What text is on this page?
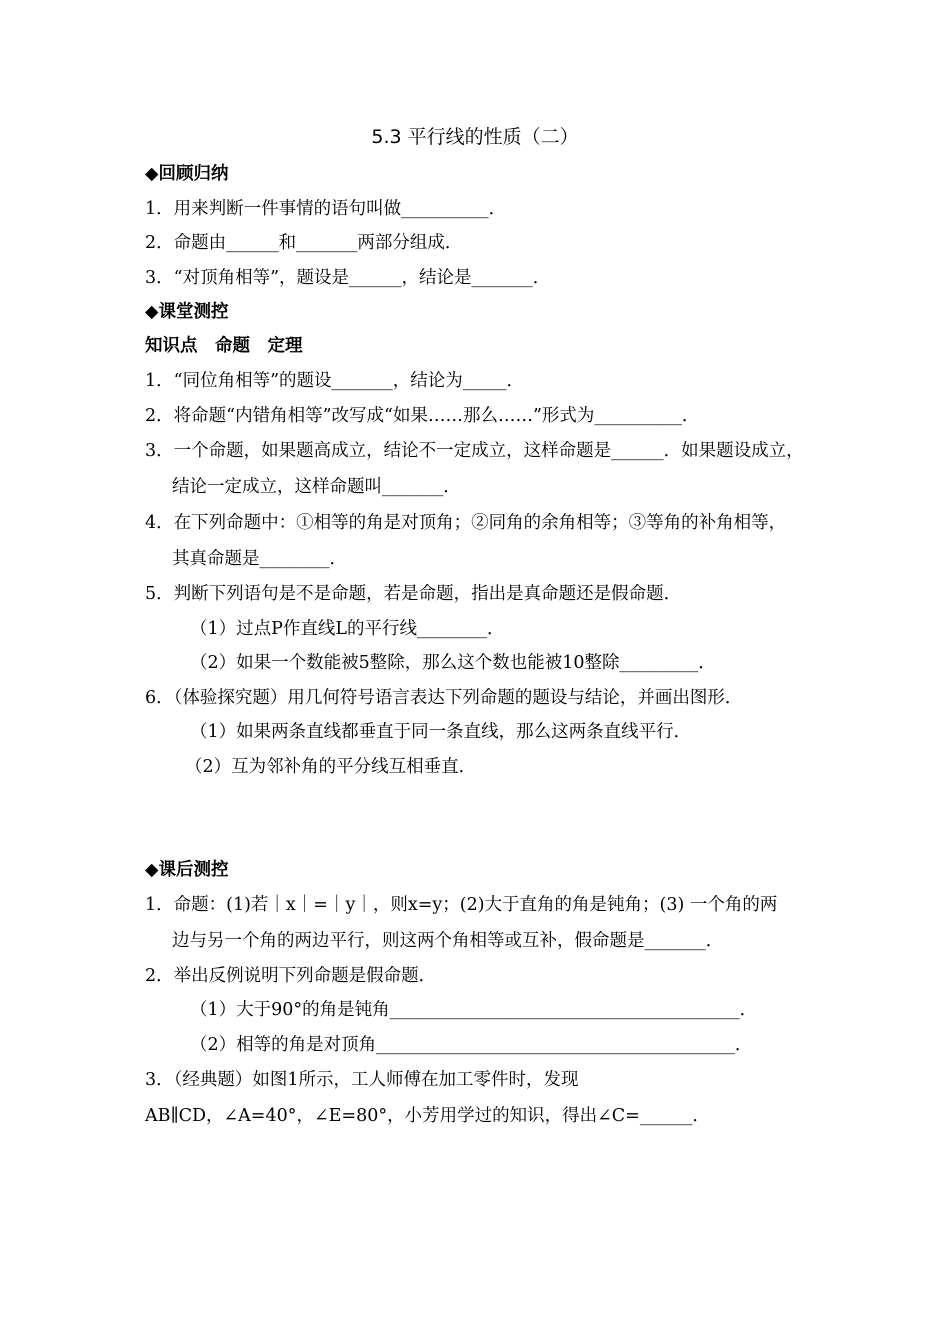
5.3 平行线的性质（二）
◆回顾归纳
1．用来判断一件事情的语句叫做__________．
2．命题由______和_______两部分组成．
3．“对顶角相等”，题设是______，结论是_______．
◆课堂测控
知识点　命题　定理
1．“同位角相等”的题设_______，结论为_____．
2．将命题“内错角相等”改写成“如果……那么……”形式为__________．
3．一个命题，如果题高成立，结论不一定成立，这样命题是______．如果题设成立，
结论一定成立，这样命题叫_______．
4．在下列命题中：①相等的角是对顶角；②同角的余角相等；③等角的补角相等，
其真命题是________．
5．判断下列语句是不是命题，若是命题，指出是真命题还是假命题．
（1）过点P作直线L的平行线________．
（2）如果一个数能被5整除，那么这个数也能被10整除_________．
6．（体验探究题）用几何符号语言表达下列命题的题设与结论，并画出图形．
（1）如果两条直线都垂直于同一条直线，那么这两条直线平行．
（2）互为邻补角的平分线互相垂直．
◆课后测控
1．命题：(1)若｜x｜=｜y｜，则x=y；(2)大于直角的角是钝角；(3) 一个角的两
边与另一个角的两边平行，则这两个角相等或互补，假命题是_______．
2．举出反例说明下列命题是假命题．
（1）大于90°的角是钝角________________________________________．
（2）相等的角是对顶角_________________________________________．
3．（经典题）如图1所示，工人师傅在加工零件时，发现
AB∥CD，∠A=40°，∠E=80°，小芳用学过的知识，得出∠C=______．
